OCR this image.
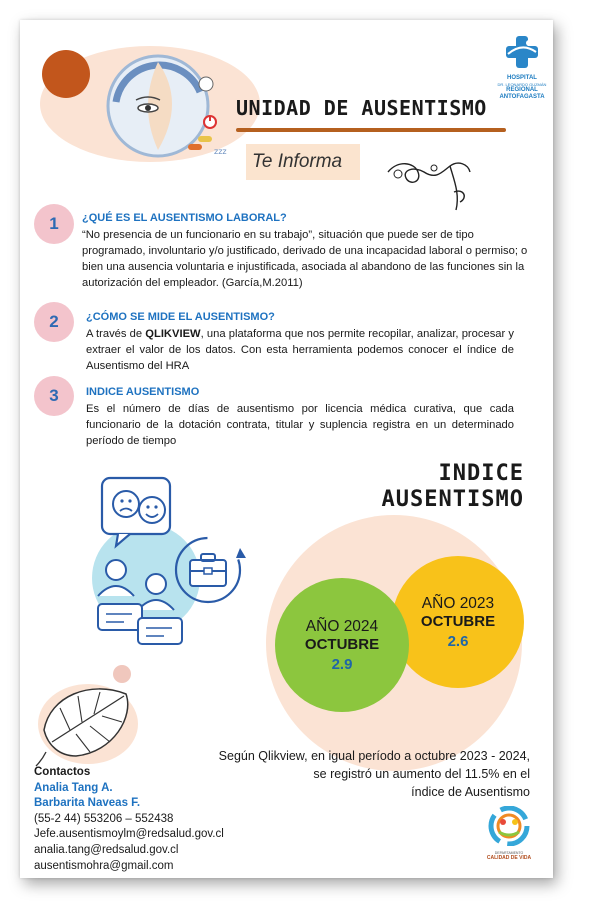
zzz
HOSPITAL
DR. LEONARDO GUZMÁN
REGIONAL ANTOFAGASTA
UNIDAD DE AUSENTISMO
Te Informa
1	¿QUÉ ES EL AUSENTISMO LABORAL?
“No presencia de un funcionario en su trabajo”, situación que puede ser de tipo programado, involuntario y/o justificado, derivado de una incapacidad laboral o permiso; o bien una ausencia voluntaria e injustificada, asociada al abandono de las funciones sin la autorización del empleador. (García,M.2011)
2	¿CÓMO SE MIDE EL AUSENTISMO?
A través de QLIKVIEW, una plataforma que nos permite recopilar, analizar, procesar y extraer el valor de los datos. Con esta herramienta podemos conocer el índice de Ausentismo del HRA
3	INDICE AUSENTISMO
Es el número de días de ausentismo por licencia médica curativa, que cada funcionario de la dotación contrata, titular y suplencia registra en un determinado período de tiempo
INDICE
AUSENTISMO
AÑO 2023
OCTUBRE
2.6
AÑO 2024
OCTUBRE
2.9
Según Qlikview, en igual período a octubre 2023 - 2024,
se registró un aumento del 11.5% en el
índice de Ausentismo
Contactos
Analia Tang A.
Barbarita Naveas F.
(55-2 44) 553206 – 552438
Jefe.ausentismoylm@redsalud.gov.cl
analia.tang@redsalud.gov.cl
ausentismohra@gmail.com
DEPARTAMENTO
CALIDAD DE VIDA
